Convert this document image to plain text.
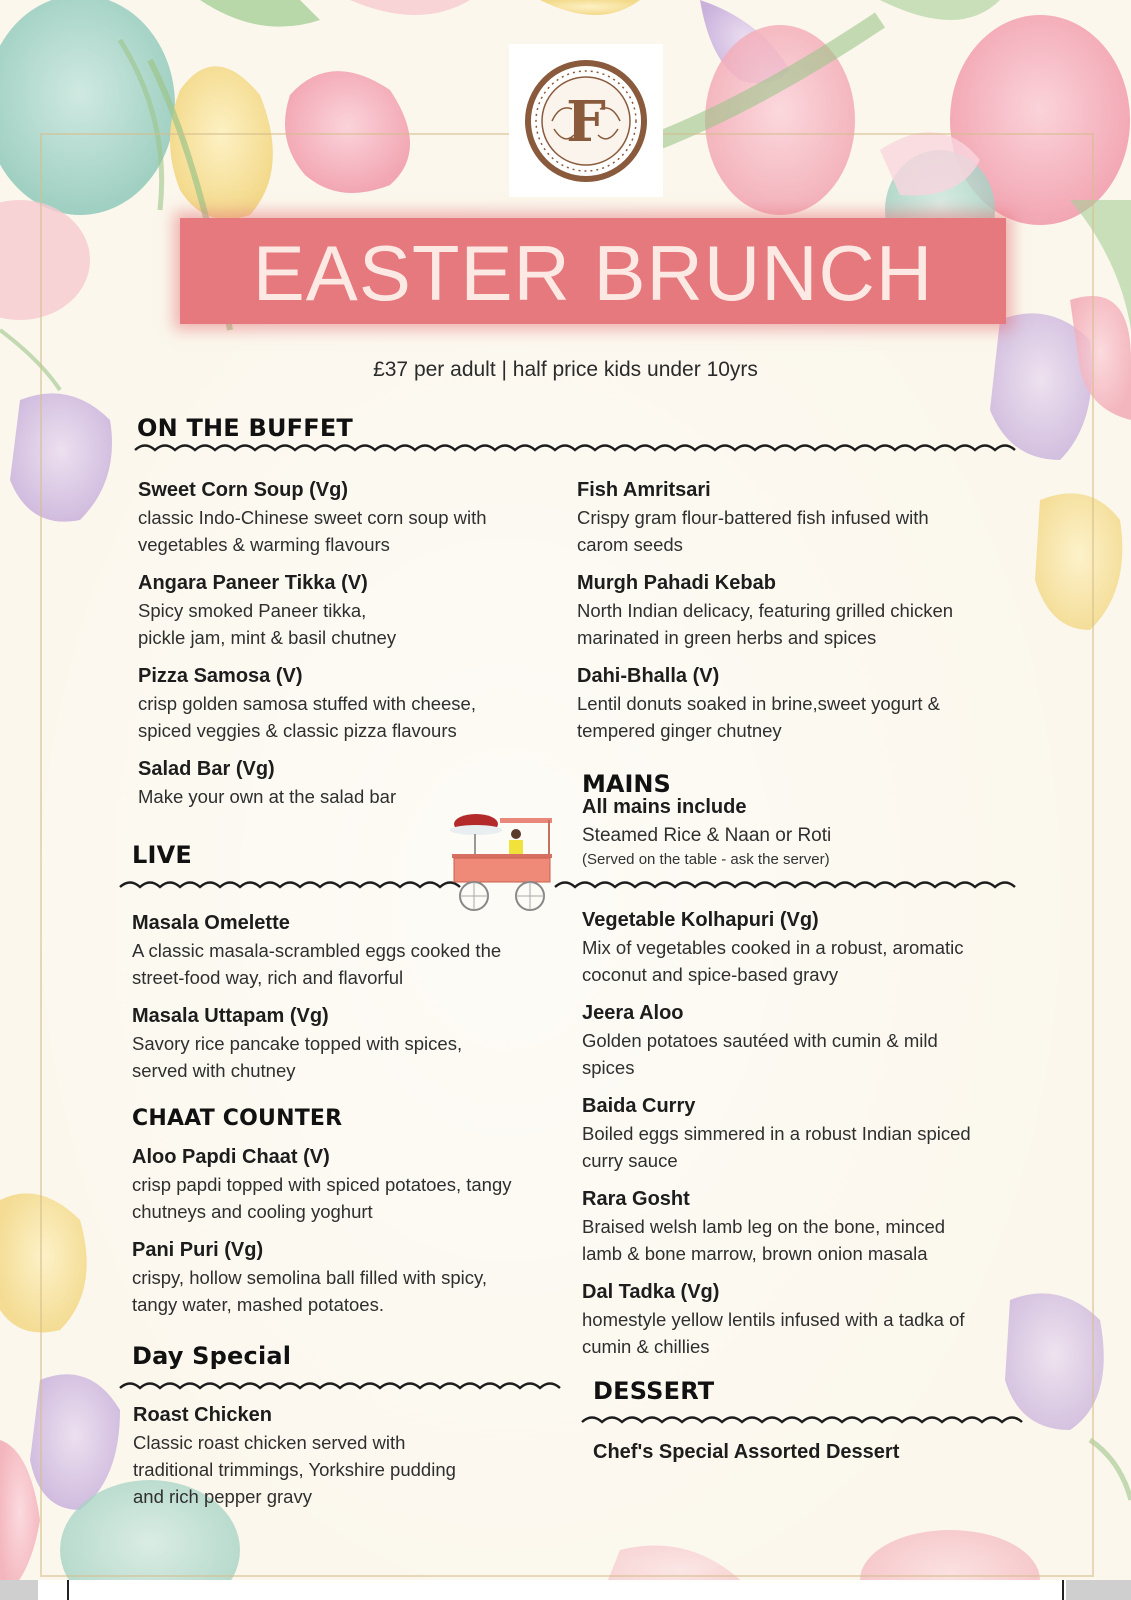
F
EASTER BRUNCH
£37 per adult | half price kids under 10yrs
ON THE BUFFET
Sweet Corn Soup (Vg)
classic Indo-Chinese sweet corn soup with
vegetables & warming flavours
Angara Paneer Tikka (V)
Spicy smoked Paneer tikka,
pickle jam, mint & basil chutney
Pizza Samosa (V)
crisp golden samosa stuffed with cheese,
spiced veggies & classic pizza flavours
Salad Bar (Vg)
Make your own at the salad bar
Fish Amritsari
Crispy gram flour-battered fish infused with
carom seeds
Murgh Pahadi Kebab
North Indian delicacy, featuring grilled chicken
marinated in green herbs and spices
Dahi-Bhalla (V)
Lentil donuts soaked in brine,sweet yogurt &
tempered ginger chutney
MAINS
All mains include
Steamed Rice & Naan or Roti
(Served on the table - ask the server)
LIVE
Masala Omelette
A classic masala-scrambled eggs cooked the
street-food way, rich and flavorful
Masala Uttapam (Vg)
Savory rice pancake topped with spices,
served with chutney
CHAAT COUNTER
Aloo Papdi Chaat (V)
crisp papdi topped with spiced potatoes, tangy
chutneys and cooling yoghurt
Pani Puri (Vg)
crispy, hollow semolina ball filled with spicy,
tangy water, mashed potatoes.
Day Special
Roast Chicken
Classic roast chicken served with
traditional trimmings, Yorkshire pudding
and rich pepper gravy
Vegetable Kolhapuri (Vg)
Mix of vegetables cooked in a robust, aromatic
coconut and spice-based gravy
Jeera Aloo
Golden potatoes sautéed with cumin & mild
spices
Baida Curry
Boiled eggs simmered in a robust Indian spiced
curry sauce
Rara Gosht
Braised welsh lamb leg on the bone, minced
lamb & bone marrow, brown onion masala
Dal Tadka (Vg)
homestyle yellow lentils infused with a tadka of
cumin & chillies
DESSERT
Chef's Special Assorted Dessert
